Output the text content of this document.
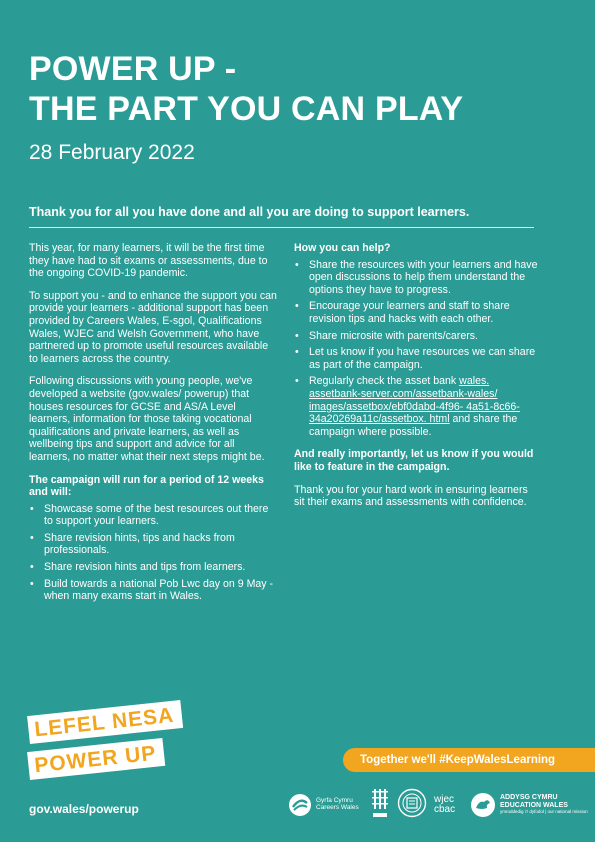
POWER UP -
THE PART YOU CAN PLAY
28 February 2022
Thank you for all you have done and all you are doing to support learners.

This year, for many learners, it will be the first time they have had to sit exams or assessments, due to the ongoing COVID-19 pandemic.

To support you - and to enhance the support you can provide your learners - additional support has been provided by Careers Wales, E-sgol, Qualifications Wales, WJEC and Welsh Government, who have partnered up to promote useful resources available to learners across the country.

Following discussions with young people, we've developed a website (gov.wales/ powerup) that houses resources for GCSE and AS/A Level learners, information for those taking vocational qualifications and private learners, as well as wellbeing tips and support and advice for all learners, no matter what their next steps might be.

The campaign will run for a period of 12 weeks and will:

• Showcase some of the best resources out there to support your learners.
• Share revision hints, tips and hacks from professionals.
• Share revision hints and tips from learners.
• Build towards a national Pob Lwc day on 9 May - when many exams start in Wales.

How you can help?

• Share the resources with your learners and have open discussions to help them understand the options they have to progress.
• Encourage your learners and staff to share revision tips and hacks with each other.
• Share microsite with parents/carers.
• Let us know if you have resources we can share as part of the campaign.
• Regularly check the asset bank wales. assetbank-server.com/assetbank-wales/ images/assetbox/ebf0dabd-4f96- 4a51-8c66-34a20269a11c/assetbox. html and share the campaign where possible.

And really importantly, let us know if you would like to feature in the campaign.

Thank you for your hard work in ensuring learners sit their exams and assessments with confidence.

LEFEL NESA
POWER UP
gov.wales/powerup
Together we'll #KeepWalesLearning
Gyrfa Cymru
Careers Wales
wjec
cbac
ADDYSG CYMRU
EDUCATION WALES
ymroddedig i'r dyfodol | our national mission
